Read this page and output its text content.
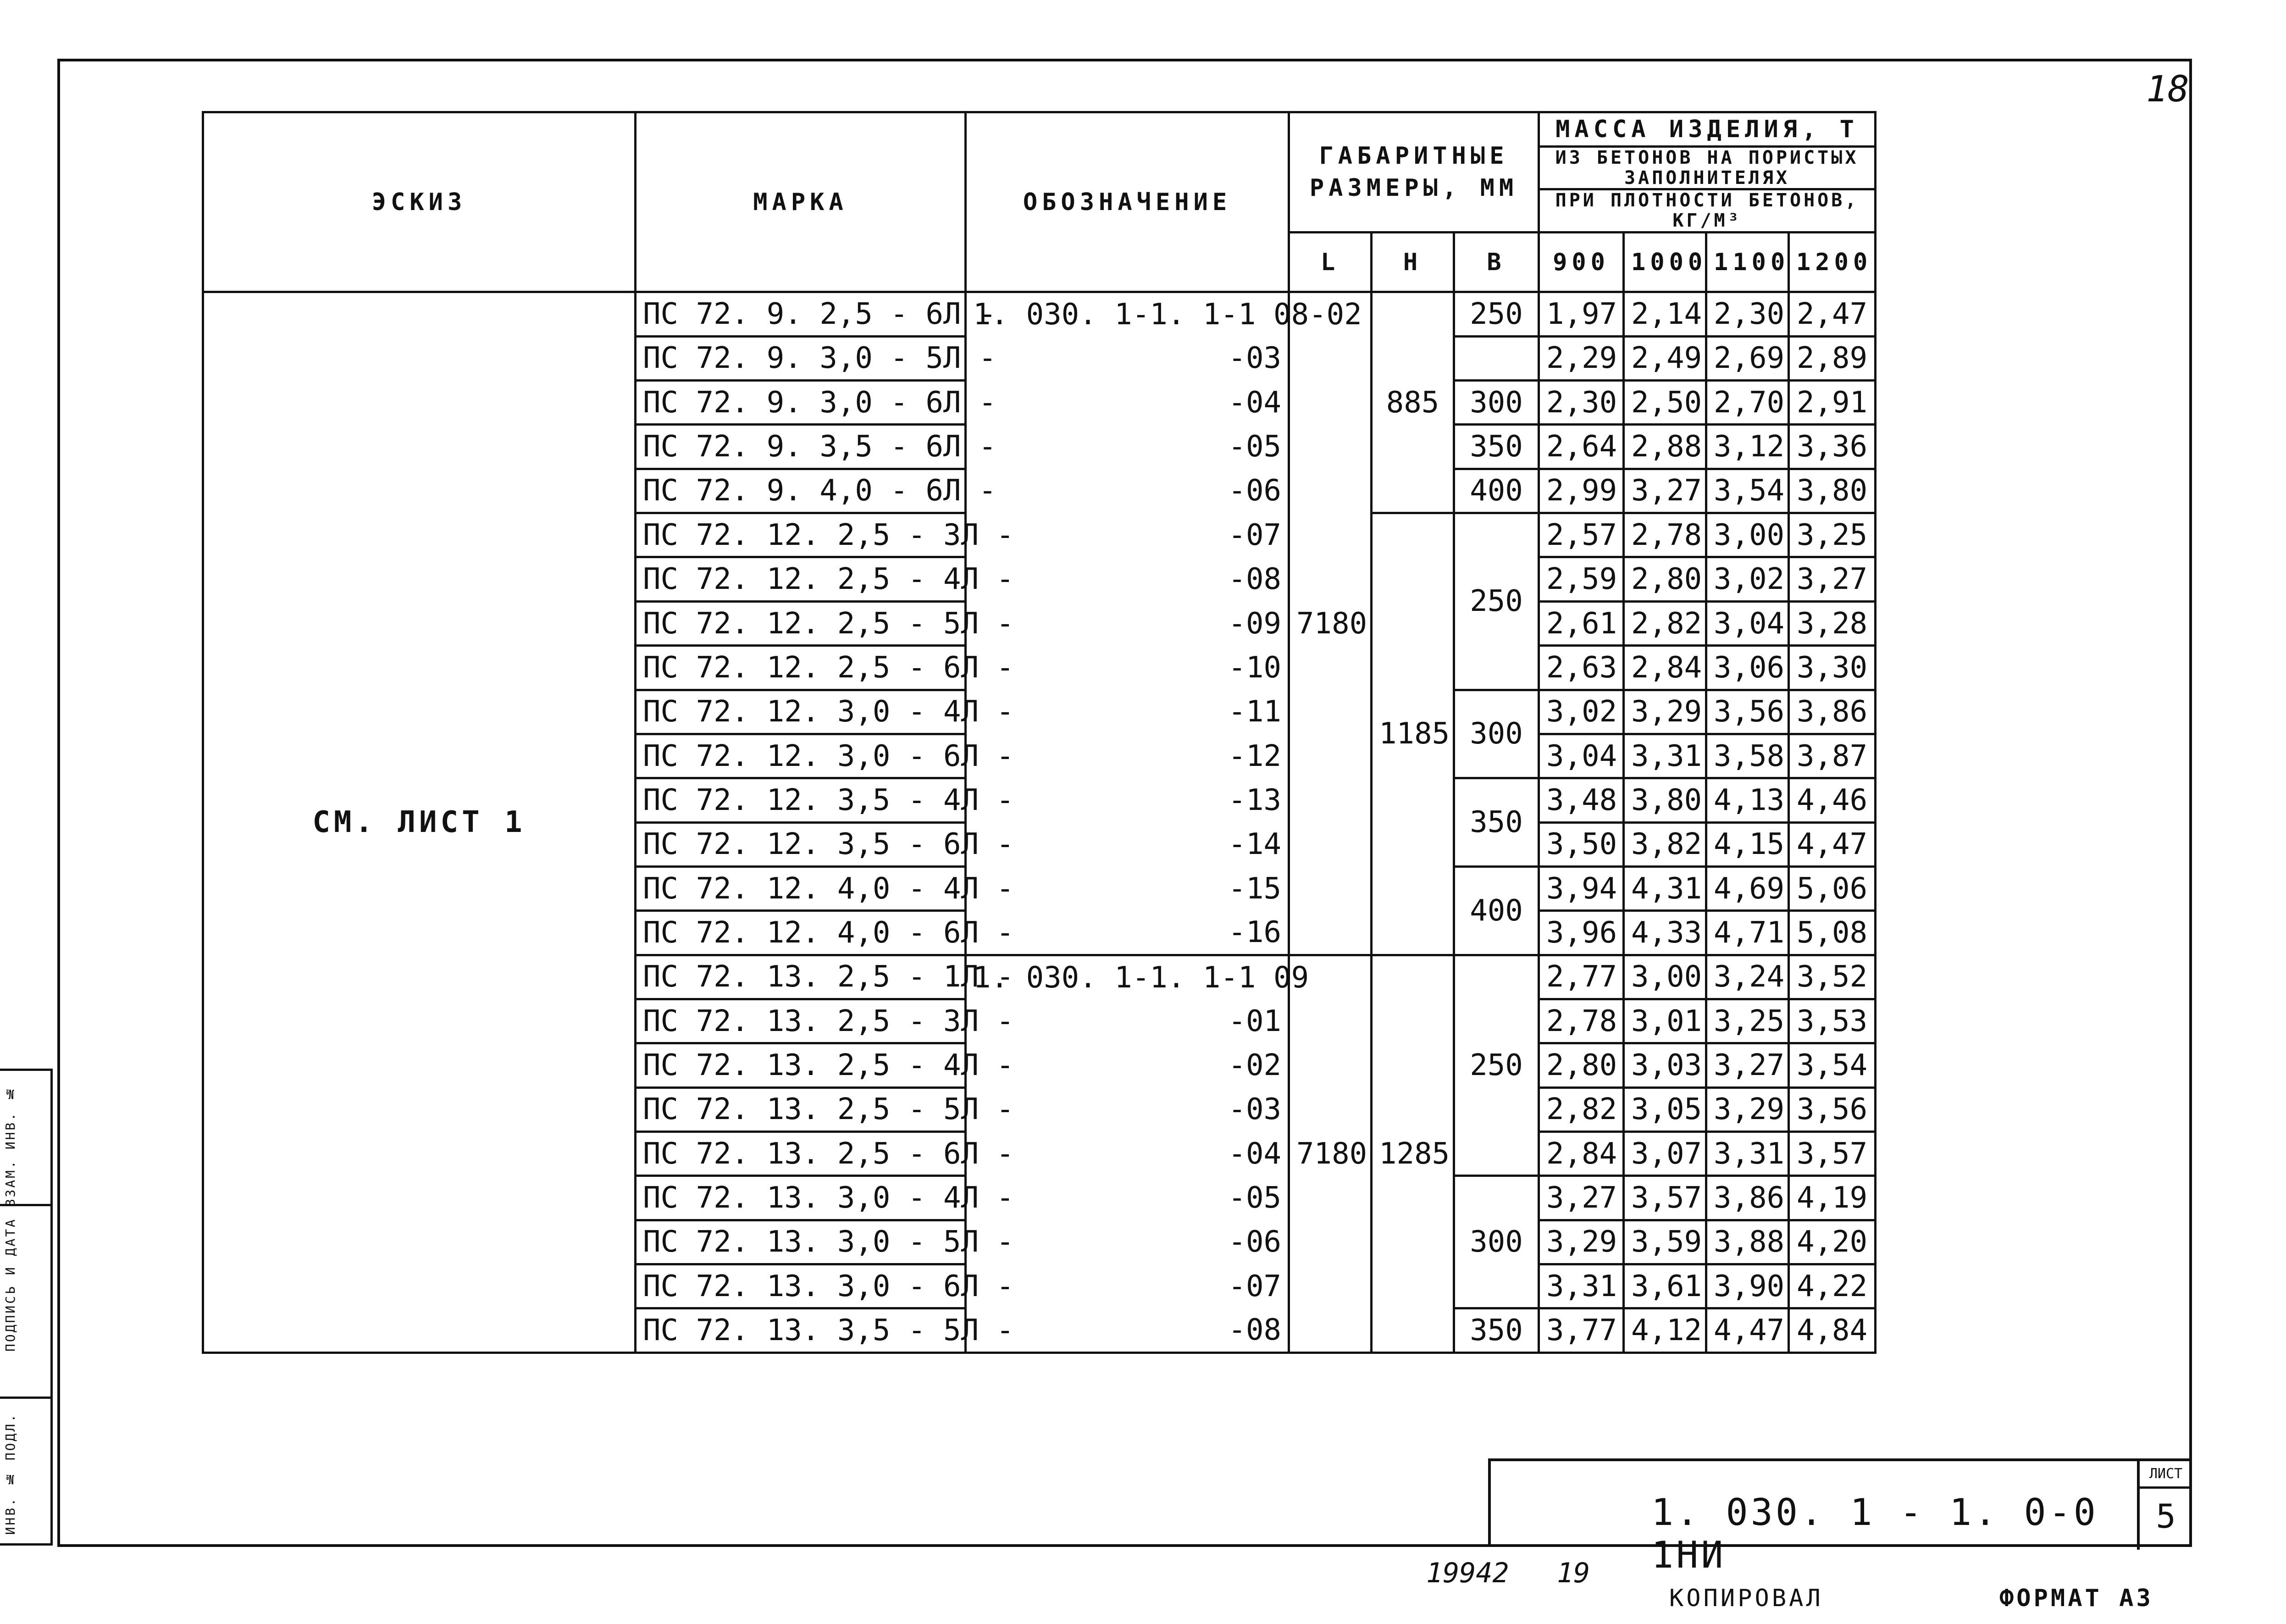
18
ЭСКИЗ	МАРКА	ОБОЗНАЧЕНИЕ	ГАБАРИТНЫЕ РАЗМЕРЫ, ММ			МАССА ИЗДЕЛИЯ, Т
ИЗ БЕТОНОВ НА ПОРИСТЫХ ЗАПОЛНИТЕЛЯХ
ПРИ ПЛОТНОСТИ БЕТОНОВ, КГ/М³			

			L	Н	В	900	1000	1100	1200
СМ. ЛИСТ 1	ПС 72. 9. 2,5 - 6Л -	1. 030. 1-1. 1-1 08 -02	7180	885	250	1,97	2,14	2,30	2,47
	ПС 72. 9. 3,0 - 5Л -	-03				2,29	2,49	2,69	2,89
	ПС 72. 9. 3,0 - 6Л -	-04			300	2,30	2,50	2,70	2,91
	ПС 72. 9. 3,5 - 6Л -	-05			350	2,64	2,88	3,12	3,36
	ПС 72. 9. 4,0 - 6Л -	-06			400	2,99	3,27	3,54	3,80
	ПС 72. 12. 2,5 - 3Л -	-07		1185	250	2,57	2,78	3,00	3,25
	ПС 72. 12. 2,5 - 4Л -	-08				2,59	2,80	3,02	3,27
	ПС 72. 12. 2,5 - 5Л -	-09				2,61	2,82	3,04	3,28
	ПС 72. 12. 2,5 - 6Л -	-10				2,63	2,84	3,06	3,30
	ПС 72. 12. 3,0 - 4Л -	-11			300	3,02	3,29	3,56	3,86
	ПС 72. 12. 3,0 - 6Л -	-12				3,04	3,31	3,58	3,87
	ПС 72. 12. 3,5 - 4Л -	-13			350	3,48	3,80	4,13	4,46
	ПС 72. 12. 3,5 - 6Л -	-14				3,50	3,82	4,15	4,47
	ПС 72. 12. 4,0 - 4Л -	-15			400	3,94	4,31	4,69	5,06
	ПС 72. 12. 4,0 - 6Л -	-16				3,96	4,33	4,71	5,08
	ПС 72. 13. 2,5 - 1Л -	1. 030. 1-1. 1-1 09	7180	1285	250	2,77	3,00	3,24	3,52
	ПС 72. 13. 2,5 - 3Л -	-01				2,78	3,01	3,25	3,53
	ПС 72. 13. 2,5 - 4Л -	-02				2,80	3,03	3,27	3,54
	ПС 72. 13. 2,5 - 5Л -	-03				2,82	3,05	3,29	3,56
	ПС 72. 13. 2,5 - 6Л -	-04				2,84	3,07	3,31	3,57
	ПС 72. 13. 3,0 - 4Л -	-05			300	3,27	3,57	3,86	4,19
	ПС 72. 13. 3,0 - 5Л -	-06				3,29	3,59	3,88	4,20
	ПС 72. 13. 3,0 - 6Л -	-07				3,31	3,61	3,90	4,22
	ПС 72. 13. 3,5 - 5Л -	-08			350	3,77	4,12	4,47	4,84
ИНВ. № ПОДЛ.
ПОДПИСЬ И ДАТА
ВЗАМ. ИНВ. №
1. 030. 1 - 1. 0-0 1НИ
ЛИСТ
5
19942 19
КОПИРОВАЛ	ФОРМАТ А3
